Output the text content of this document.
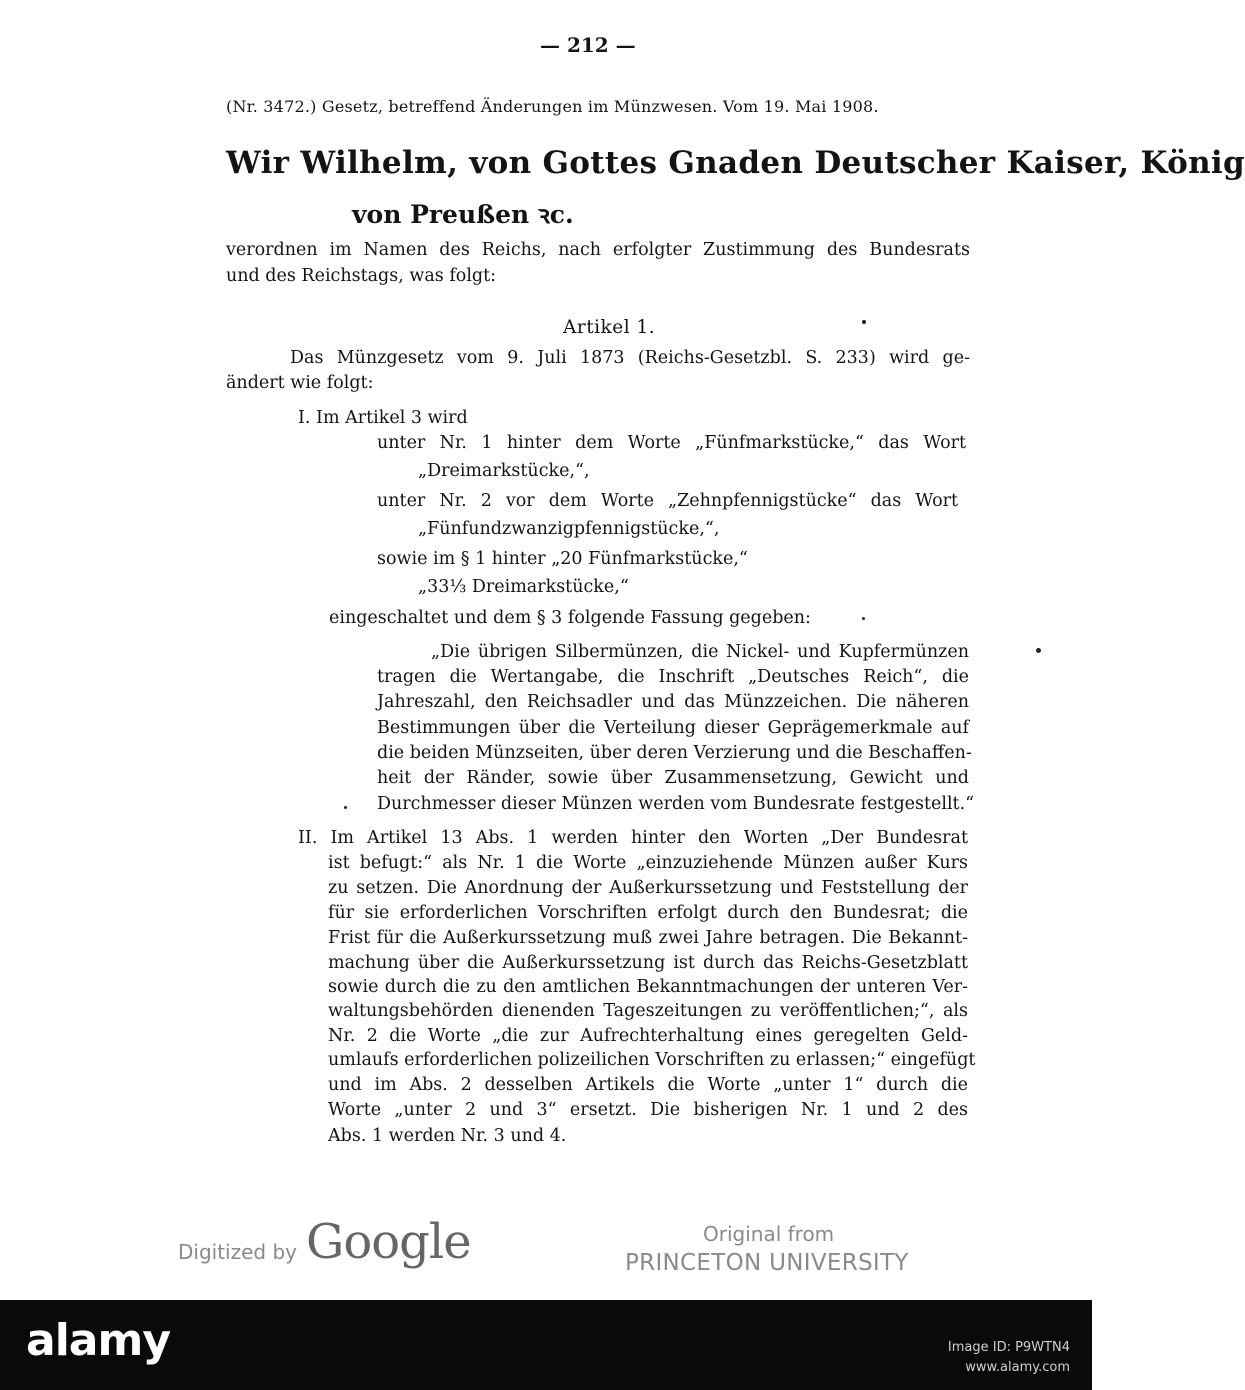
— 212 —
(Nr. 3472.) Gesetz, betreffend Änderungen im Münzwesen. Vom 19. Mai 1908.
Wir Wilhelm, von Gottes Gnaden Deutscher Kaiser, König
von Preußen ꝛc.
verordnen im Namen des Reichs, nach erfolgter Zustimmung des Bundesrats
und des Reichstags, was folgt:
Artikel 1.
Das Münzgesetz vom 9. Juli 1873 (Reichs-Gesetzbl. S. 233) wird ge-
ändert wie folgt:
I. Im Artikel 3 wird
unter Nr. 1 hinter dem Worte „Fünfmarkstücke,“ das Wort
„Dreimarkstücke,“,
unter Nr. 2 vor dem Worte „Zehnpfennigstücke“ das Wort
„Fünfundzwanzigpfennigstücke,“,
sowie im § 1 hinter „20 Fünfmarkstücke,“
„33⅓ Dreimarkstücke,“
eingeschaltet und dem § 3 folgende Fassung gegeben:
„Die übrigen Silbermünzen, die Nickel- und Kupfermünzen
tragen die Wertangabe, die Inschrift „Deutsches Reich“, die
Jahreszahl, den Reichsadler und das Münzzeichen. Die näheren
Bestimmungen über die Verteilung dieser Geprägemerkmale auf
die beiden Münzseiten, über deren Verzierung und die Beschaffen-
heit der Ränder, sowie über Zusammensetzung, Gewicht und
Durchmesser dieser Münzen werden vom Bundesrate festgestellt.“
II. Im Artikel 13 Abs. 1 werden hinter den Worten „Der Bundesrat
ist befugt:“ als Nr. 1 die Worte „einzuziehende Münzen außer Kurs
zu setzen. Die Anordnung der Außerkurssetzung und Feststellung der
für sie erforderlichen Vorschriften erfolgt durch den Bundesrat; die
Frist für die Außerkurssetzung muß zwei Jahre betragen. Die Bekannt-
machung über die Außerkurssetzung ist durch das Reichs-Gesetzblatt
sowie durch die zu den amtlichen Bekanntmachungen der unteren Ver-
waltungsbehörden dienenden Tageszeitungen zu veröffentlichen;“, als
Nr. 2 die Worte „die zur Aufrechterhaltung eines geregelten Geld-
umlaufs erforderlichen polizeilichen Vorschriften zu erlassen;“ eingefügt
und im Abs. 2 desselben Artikels die Worte „unter 1“ durch die
Worte „unter 2 und 3“ ersetzt. Die bisherigen Nr. 1 und 2 des
Abs. 1 werden Nr. 3 und 4.
Digitized by Google	Original from
PRINCETON UNIVERSITY
alamy	Image ID: P9WTN4
www.alamy.com
